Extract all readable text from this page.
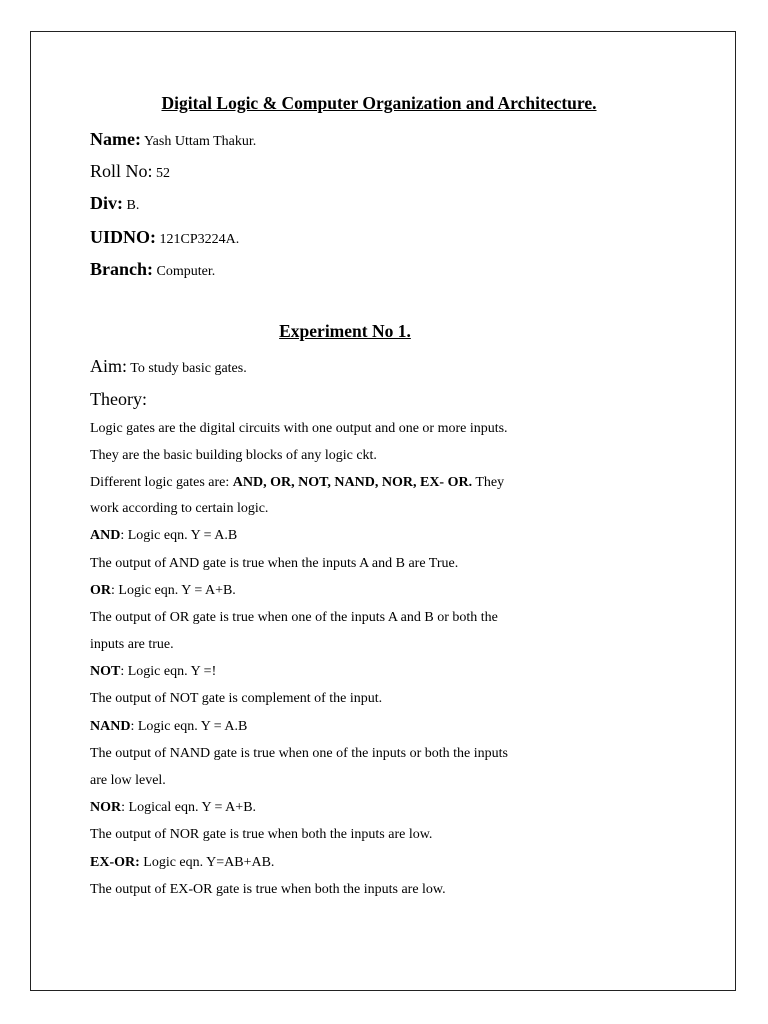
Digital Logic & Computer Organization and Architecture.
Name: Yash Uttam Thakur.
Roll No: 52
Div: B.
UIDNO: 121CP3224A.
Branch: Computer.
Experiment No 1.
Aim: To study basic gates.
Theory:
Logic gates are the digital circuits with one output and one or more inputs.
They are the basic building blocks of any logic ckt.
Different logic gates are: AND, OR, NOT, NAND, NOR, EX- OR. They
work according to certain logic.
AND: Logic eqn. Y = A.B
The output of AND gate is true when the inputs A and B are True.
OR: Logic eqn. Y = A+B.
The output of OR gate is true when one of the inputs A and B or both the
inputs are true.
NOT: Logic eqn. Y =!
The output of NOT gate is complement of the input.
NAND: Logic eqn. Y = A.B
The output of NAND gate is true when one of the inputs or both the inputs
are low level.
NOR: Logical eqn. Y = A+B.
The output of NOR gate is true when both the inputs are low.
EX-OR: Logic eqn. Y=AB+AB.
The output of EX-OR gate is true when both the inputs are low.
